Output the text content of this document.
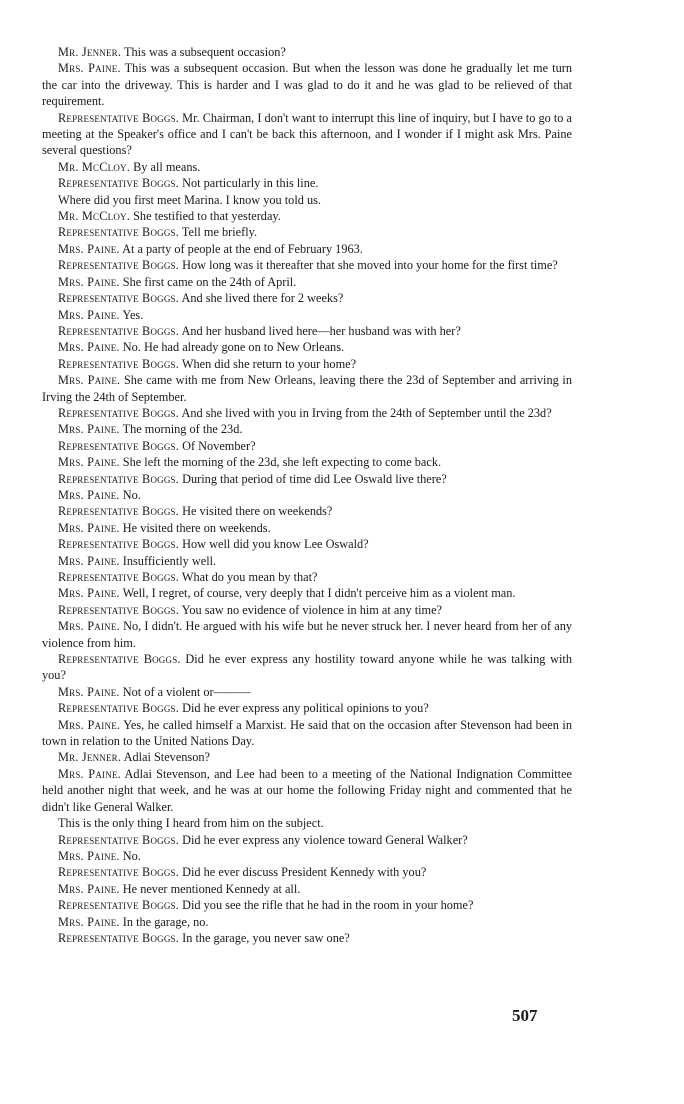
Mr. Jenner. This was a subsequent occasion?

Mrs. Paine. This was a subsequent occasion. But when the lesson was done he gradually let me turn the car into the driveway. This is harder and I was glad to do it and he was glad to be relieved of that requirement.

Representative Boggs. Mr. Chairman, I don't want to interrupt this line of inquiry, but I have to go to a meeting at the Speaker's office and I can't be back this afternoon, and I wonder if I might ask Mrs. Paine several questions?

Mr. McCloy. By all means.

Representative Boggs. Not particularly in this line.

Where did you first meet Marina. I know you told us.

Mr. McCloy. She testified to that yesterday.

Representative Boggs. Tell me briefly.

Mrs. Paine. At a party of people at the end of February 1963.

Representative Boggs. How long was it thereafter that she moved into your home for the first time?

Mrs. Paine. She first came on the 24th of April.

Representative Boggs. And she lived there for 2 weeks?

Mrs. Paine. Yes.

Representative Boggs. And her husband lived here—her husband was with her?

Mrs. Paine. No. He had already gone on to New Orleans.

Representative Boggs. When did she return to your home?

Mrs. Paine. She came with me from New Orleans, leaving there the 23d of September and arriving in Irving the 24th of September.

Representative Boggs. And she lived with you in Irving from the 24th of September until the 23d?

Mrs. Paine. The morning of the 23d.

Representative Boggs. Of November?

Mrs. Paine. She left the morning of the 23d, she left expecting to come back.

Representative Boggs. During that period of time did Lee Oswald live there?

Mrs. Paine. No.

Representative Boggs. He visited there on weekends?

Mrs. Paine. He visited there on weekends.

Representative Boggs. How well did you know Lee Oswald?

Mrs. Paine. Insufficiently well.

Representative Boggs. What do you mean by that?

Mrs. Paine. Well, I regret, of course, very deeply that I didn't perceive him as a violent man.

Representative Boggs. You saw no evidence of violence in him at any time?

Mrs. Paine. No, I didn't. He argued with his wife but he never struck her. I never heard from her of any violence from him.

Representative Boggs. Did he ever express any hostility toward anyone while he was talking with you?

Mrs. Paine. Not of a violent or———

Representative Boggs. Did he ever express any political opinions to you?

Mrs. Paine. Yes, he called himself a Marxist. He said that on the occasion after Stevenson had been in town in relation to the United Nations Day.

Mr. Jenner. Adlai Stevenson?

Mrs. Paine. Adlai Stevenson, and Lee had been to a meeting of the National Indignation Committee held another night that week, and he was at our home the following Friday night and commented that he didn't like General Walker.

This is the only thing I heard from him on the subject.

Representative Boggs. Did he ever express any violence toward General Walker?

Mrs. Paine. No.

Representative Boggs. Did he ever discuss President Kennedy with you?

Mrs. Paine. He never mentioned Kennedy at all.

Representative Boggs. Did you see the rifle that he had in the room in your home?

Mrs. Paine. In the garage, no.

Representative Boggs. In the garage, you never saw one?

507
